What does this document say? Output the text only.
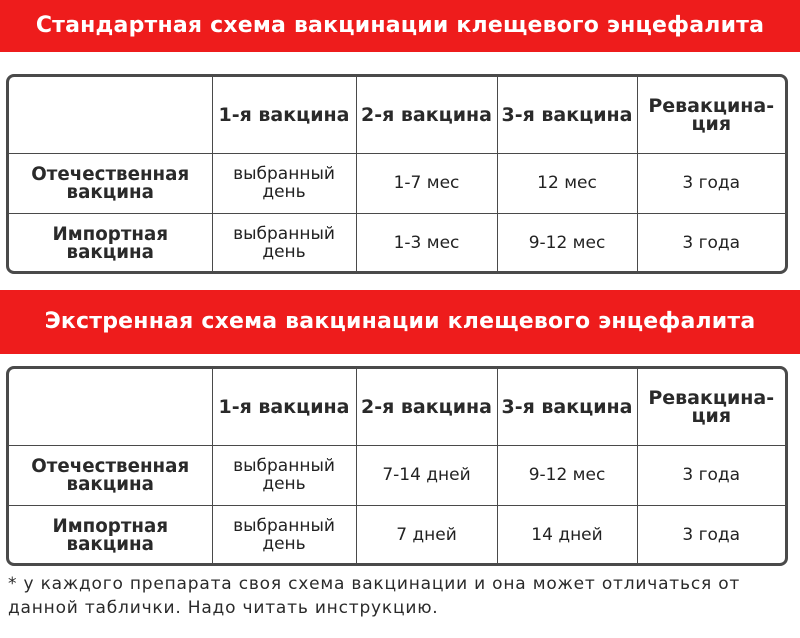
Стандартная схема вакцинации клещевого энцефалита
	1-я вакцина	2-я вакцина	3-я вакцина	Ревакцина-ция
Отечественная вакцина	выбранный день	1-7 мес	12 мес	3 года
Импортная вакцина	выбранный день	1-3 мес	9-12 мес	3 года
Экстренная схема вакцинации клещевого энцефалита
	1-я вакцина	2-я вакцина	3-я вакцина	Ревакцина-ция
Отечественная вакцина	выбранный день	7-14 дней	9-12 мес	3 года
Импортная вакцина	выбранный день	7 дней	14 дней	3 года
* у каждого препарата своя схема вакцинации и она может отличаться от данной таблички. Надо читать инструкцию.
